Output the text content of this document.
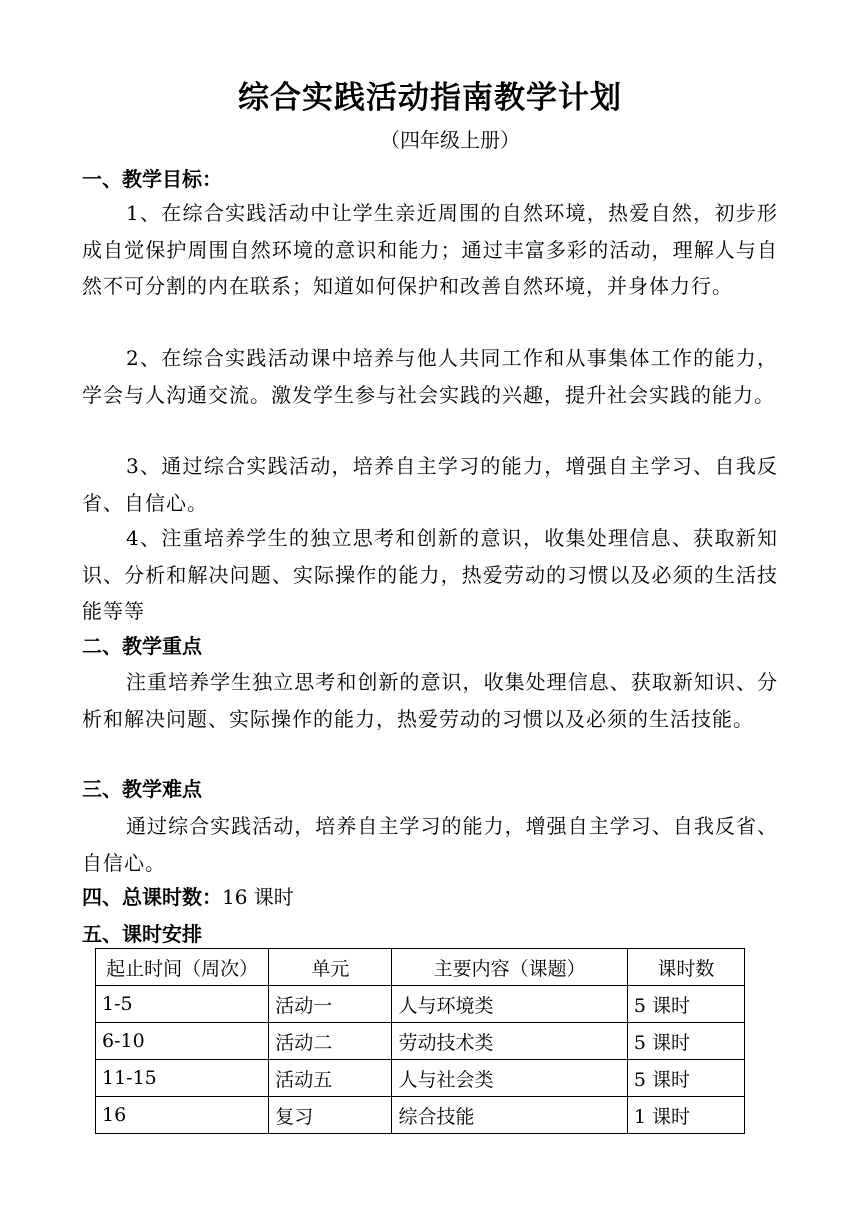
综合实践活动指南教学计划
（四年级上册）
一、教学目标：
1、在综合实践活动中让学生亲近周围的自然环境，热爱自然，初步形成自觉保护周围自然环境的意识和能力；通过丰富多彩的活动，理解人与自然不可分割的内在联系；知道如何保护和改善自然环境，并身体力行。
2、在综合实践活动课中培养与他人共同工作和从事集体工作的能力，学会与人沟通交流。激发学生参与社会实践的兴趣，提升社会实践的能力。
3、通过综合实践活动，培养自主学习的能力，增强自主学习、自我反省、自信心。
4、注重培养学生的独立思考和创新的意识，收集处理信息、获取新知识、分析和解决问题、实际操作的能力，热爱劳动的习惯以及必须的生活技能等等
二、教学重点
注重培养学生独立思考和创新的意识，收集处理信息、获取新知识、分析和解决问题、实际操作的能力，热爱劳动的习惯以及必须的生活技能。
三、教学难点
通过综合实践活动，培养自主学习的能力，增强自主学习、自我反省、自信心。
四、总课时数：16 课时
五、课时安排
起止时间（周次）	单元	主要内容（课题）	课时数
1-5	活动一	人与环境类	5 课时
6-10	活动二	劳动技术类	5 课时
11-15	活动五	人与社会类	5 课时
16	复习	综合技能	1 课时
